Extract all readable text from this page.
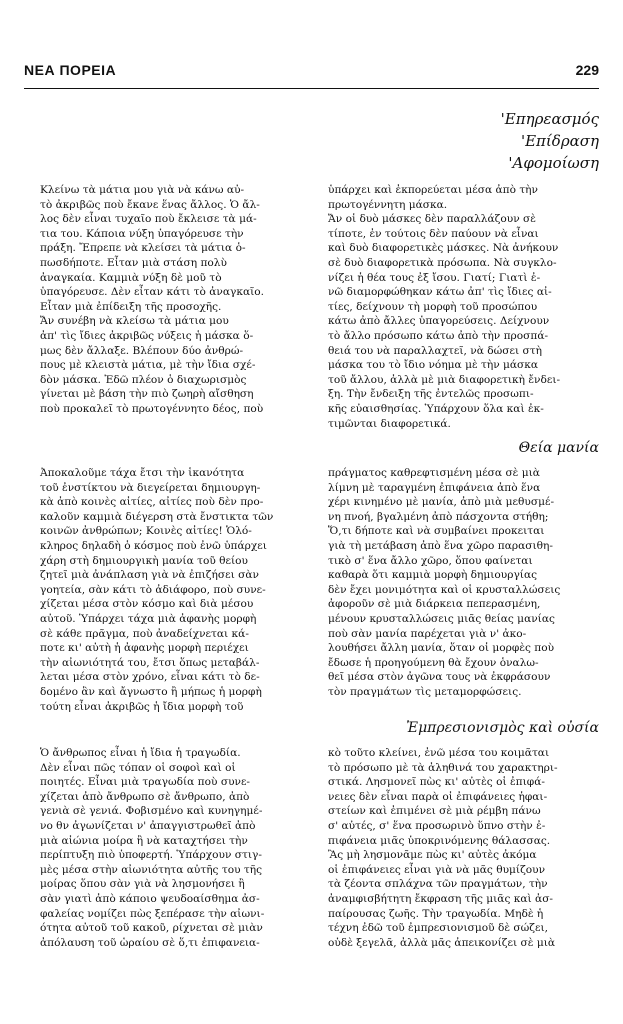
ΝΕΑ ΠΟΡΕΙΑ	229
'Επηρεασμός
'Επίδραση
'Αφομοίωση
Κλείνω τὰ μάτια μου γιὰ νὰ κάνω αὐ-
τὸ ἀκριβῶς ποὺ ἔκανε ἕνας ἄλλος. Ὁ ἄλ-
λος δὲν εἶναι τυχαῖο ποὺ ἔκλεισε τὰ μά-
τια του. Κάποια νύξη ὑπαγόρευσε τὴν
πράξη. Ἔπρεπε νὰ κλείσει τὰ μάτια ὁ-
πωσδήποτε. Εἶταν μιὰ στάση πολὺ
ἀναγκαία. Καμμιὰ νύξη δὲ μοῦ τὸ
ὑπαγόρευσε. Δὲν εἶταν κάτι τὸ ἀναγκαῖο.
Εἶταν μιὰ ἐπίδειξη τῆς προσοχῆς.
Ἄν συνέβη νὰ κλείσω τὰ μάτια μου
ἀπ' τὶς ἴδιες ἀκριβῶς νύξεις ἡ μάσκα ὅ-
μως δὲν ἄλλαξε. Βλέπουν δύο ἀνθρώ-
πους μὲ κλειστὰ μάτια, μὲ τὴν ἴδια σχέ-
δὸν μάσκα. Ἐδῶ πλέον ὁ διαχωρισμὸς
γίνεται μὲ βάση τὴν πιὸ ζωηρὴ αἴσθηση
ποὺ προκαλεῖ τὸ πρωτογέννητο δέος, ποὺ
ὑπάρχει καὶ ἐκπορεύεται μέσα ἀπὸ τὴν
πρωτογέννητη μάσκα.
Ἄν οἱ δυὸ μάσκες δὲν παραλλάζουν σὲ
τίποτε, ἐν τούτοις δὲν παύουν νὰ εἶναι
καὶ δυὸ διαφορετικὲς μάσκες. Νὰ ἀνήκουν
σὲ δυὸ διαφορετικὰ πρόσωπα. Νὰ συγκλο-
νίζει ἡ θέα τους ἐξ ἴσου. Γιατί; Γιατὶ ἐ-
νῶ διαμορφώθηκαν κάτω ἀπ' τὶς ἴδιες αἰ-
τίες, δείχνουν τὴ μορφὴ τοῦ προσώπου
κάτω ἀπὸ ἄλλες ὑπαγορεύσεις. Δείχνουν
τὸ ἄλλο πρόσωπο κάτω ἀπὸ τὴν προσπά-
θειά του νὰ παραλλαχτεῖ, νὰ δώσει στὴ
μάσκα του τὸ ἴδιο νόημα μὲ τὴν μάσκα
τοῦ ἄλλου, ἀλλὰ μὲ μιὰ διαφορετικὴ ἔνδει-
ξη. Τὴν ἔνδειξη τῆς ἐντελῶς προσωπι-
κῆς εὐαισθησίας. Ὑπάρχουν ὅλα καὶ ἐκ-
τιμῶνται διαφορετικά.
Θεία μανία
Ἀποκαλοῦμε τάχα ἔτσι τὴν ἱκανότητα
τοῦ ἐνστίκτου νὰ διεγείρεται δημιουργη-
κὰ ἀπὸ κοινὲς αἰτίες, αἰτίες ποὺ δὲν προ-
καλοῦν καμμιὰ διέγερση στὰ ἔνστικτα τῶν
κοινῶν ἀνθρώπων; Κοινὲς αἰτίες! Ὁλό-
κληρος δηλαδὴ ὁ κόσμος ποὺ ἐνῶ ὑπάρχει
χάρη στὴ δημιουργικὴ μανία τοῦ θείου
ζητεῖ μιὰ ἀνάπλαση γιὰ νὰ ἐπιζήσει σὰν
γοητεία, σὰν κάτι τὸ ἀδιάφορο, ποὺ συνε-
χίζεται μέσα στὸν κόσμο καὶ διὰ μέσου
αὐτοῦ. Ὑπάρχει τάχα μιὰ ἀφανὴς μορφὴ
σὲ κάθε πρᾶγμα, ποὺ ἀναδείχνεται κά-
ποτε κι' αὐτὴ ἡ ἀφανὴς μορφὴ περιέχει
τὴν αἰωνιότητά του, ἔτσι ὅπως μεταβάλ-
λεται μέσα στὸν χρόνο, εἶναι κάτι τὸ δε-
δομένο ἂν καὶ ἄγνωστο ἢ μήπως ἡ μορφὴ
τούτη εἶναι ἀκριβῶς ἡ ἴδια μορφὴ τοῦ
πράγματος καθρεφτισμένη μέσα σὲ μιὰ
λίμνη μὲ ταραγμένη ἐπιφάνεια ἀπὸ ἕνα
χέρι κινημένο μὲ μανία, ἀπὸ μιὰ μεθυσμέ-
νη πνοή, βγαλμένη ἀπὸ πάσχοντα στήθη;
Ὅ,τι δήποτε καὶ νὰ συμβαίνει προκειται
γιὰ τὴ μετάβαση ἀπὸ ἕνα χῶρο παρασιθη-
τικὸ σ' ἕνα ἄλλο χῶρο, ὅπου φαίνεται
καθαρὰ ὅτι καμμιὰ μορφὴ δημιουργίας
δὲν ἔχει μονιμότητα καὶ οἱ κρυσταλλώσεις
ἀφοροῦν σὲ μιὰ διάρκεια πεπερασμένη,
μένουν κρυσταλλώσεις μιᾶς θείας μανίας
ποὺ σὰν μανία παρέχεται γιὰ ν' ἀκο-
λουθήσει ἄλλη μανία, ὅταν οἱ μορφὲς ποὺ
ἔδωσε ἡ προηγούμενη θὰ ἔχουν ὁναλω-
θεῖ μέσα στὸν ἀγῶνα τους νὰ ἐκφράσουν
τὸν πραγμάτων τὶς μεταμορφώσεις.
Ἐμπρεσιονισμὸς καὶ οὐσία
Ὁ ἄνθρωπος εἶναι ἡ ἴδια ἡ τραγωδία.
Δὲν εἶναι πῶς τόπαν οἱ σοφοὶ καὶ οἱ
ποιητές. Εἶναι μιὰ τραγωδία ποὺ συνε-
χίζεται ἀπὸ ἄνθρωπο σὲ ἄνθρωπο, ἀπὸ
γενιὰ σὲ γενιά. Φοβισμένο καὶ κυνηγημέ-
νο θν ἀγωνίζεται ν' ἀπαγγιστρωθεῖ ἀπὸ
μιὰ αἰώνια μοίρα ἢ νὰ καταχτήσει τὴν
περίπτυξη πιὸ ὑποφερτή. Ὑπάρχουν στιγ-
μὲς μέσα στὴν αἰωνιότητα αὐτῆς του τῆς
μοίρας ὅπου σὰν γιὰ νὰ λησμονήσει ἢ
σὰν γιατὶ ἀπὸ κάποιο ψευδοαίσθημα ἀσ-
φαλείας νομίζει πὼς ξεπέρασε τὴν αἰωνι-
ότητα αὐτοῦ τοῦ κακοῦ, ρίχνεται σὲ μιὰν
ἀπόλαυση τοῦ ὡραίου σὲ ὅ,τι ἐπιφανεια-
κὸ τοῦτο κλείνει, ἐνῶ μέσα του κοιμᾶται
τὸ πρόσωπο μὲ τὰ ἀληθινά του χαρακτηρι-
στικά. Λησμονεῖ πὼς κι' αὐτὲς οἱ ἐπιφά-
νειες δὲν εἶναι παρὰ οἱ ἐπιφάνειες ἡφαι-
στείων καὶ ἐπιμένει σὲ μιὰ ρέμβη πάνω
σ' αὐτές, σ' ἕνα προσωρινὸ ὕπνο στὴν ἐ-
πιφάνεια μιᾶς ὑποκρινόμενης θάλασσας.
Ἂς μὴ λησμονᾶμε πὼς κι' αὐτὲς ἀκόμα
οἱ ἐπιφάνειες εἶναι γιὰ νὰ μᾶς θυμίζουν
τὰ ζέοντα σπλάχνα τῶν πραγμάτων, τὴν
ἀναμφισβήτητη ἔκφραση τῆς μιᾶς καὶ ἀσ-
παίρουσας ζωῆς. Τὴν τραγωδία. Μηδὲ ἡ
τέχνη ἐδῶ τοῦ ἐμπρεσιονισμοῦ δὲ σώζει,
οὐδὲ ξεγελᾶ, ἀλλὰ μᾶς ἀπεικονίζει σὲ μιὰ
